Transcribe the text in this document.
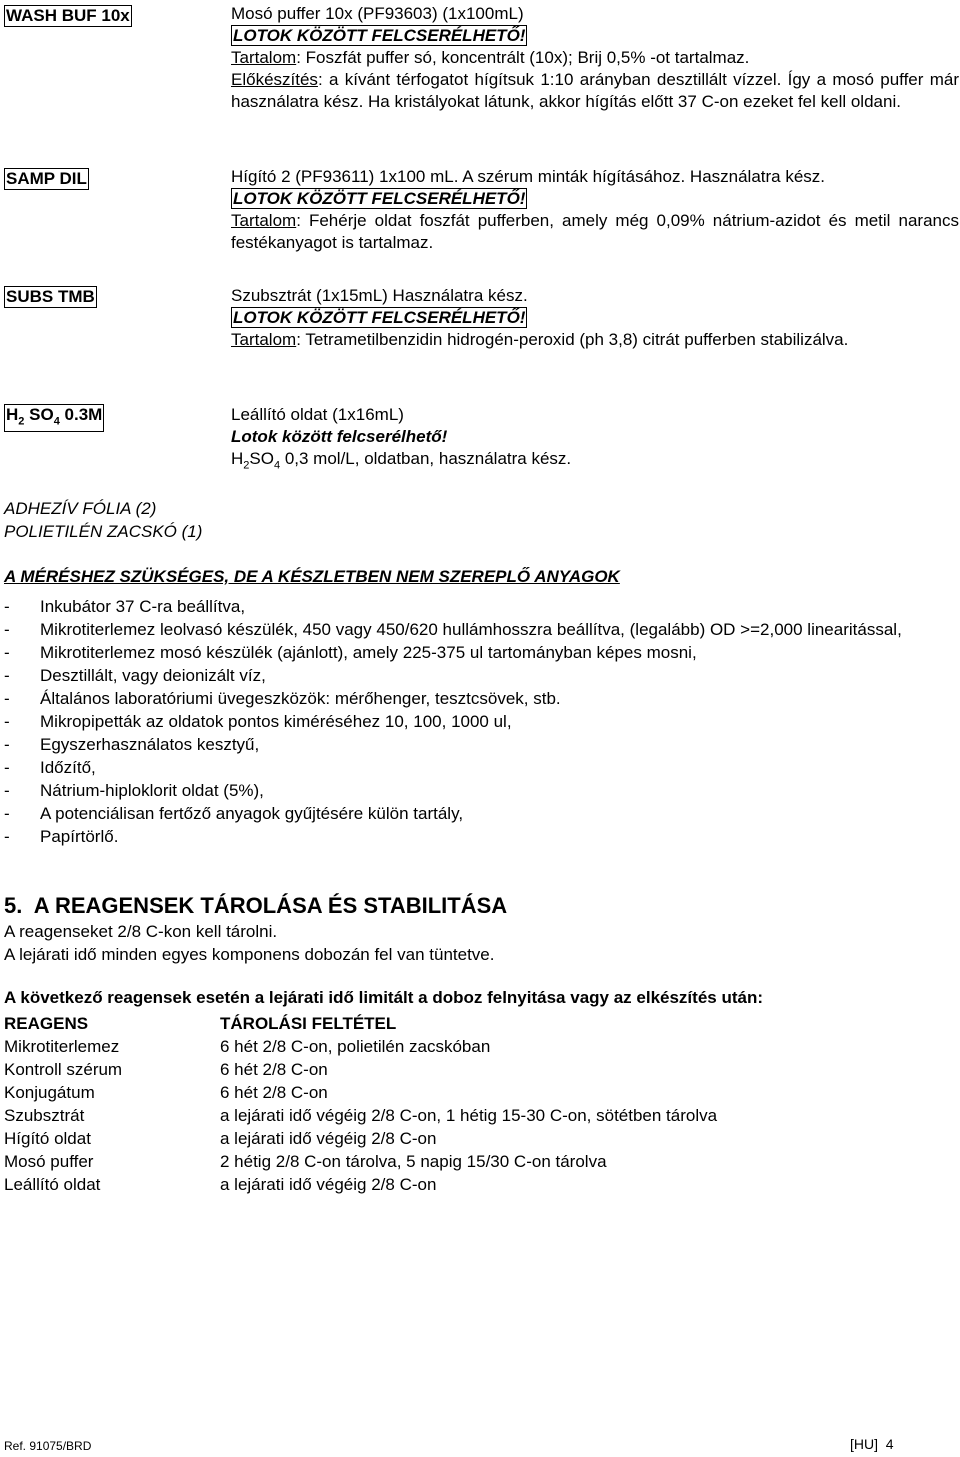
WASH BUF 10x	Mosó puffer 10x (PF93603) (1x100mL)

LOTOK KÖZÖTT FELCSERÉLHETŐ!

Tartalom: Foszfát puffer só, koncentrált (10x); Brij 0,5% -ot tartalmaz.

Előkészítés: a kívánt térfogatot hígítsuk 1:10 arányban desztillált vízzel. Így a mosó puffer már használatra kész. Ha kristályokat látunk, akkor hígítás előtt 37 C-on ezeket fel kell oldani.

SAMP DIL	Hígító 2 (PF93611) 1x100 mL. A szérum minták hígításához. Használatra kész.

LOTOK KÖZÖTT FELCSERÉLHETŐ!

Tartalom: Fehérje oldat foszfát pufferben, amely még 0,09% nátrium-azidot és metil narancs festékanyagot is tartalmaz.

SUBS TMB	Szubsztrát (1x15mL) Használatra kész.

LOTOK KÖZÖTT FELCSERÉLHETŐ!

Tartalom: Tetrametilbenzidin hidrogén-peroxid (ph 3,8) citrát pufferben stabilizálva.

$H_2$ $SO_4$ 0.3M	Leállító oldat (1x16mL)

Lotok között felcserélhető!

$H_2SO_4$ 0,3 mol/L, oldatban, használatra kész.

ADHEZÍV FÓLIA (2)
POLIETILÉN ZACSKÓ (1)
A MÉRÉSHEZ SZÜKSÉGES, DE A KÉSZLETBEN NEM SZEREPLŐ ANYAGOK
-	Inkubátor 37 C-ra beállítva,
-	Mikrotiterlemez leolvasó készülék, 450 vagy 450/620 hullámhosszra beállítva, (legalább) OD >=2,000 linearitással,
-	Mikrotiterlemez mosó készülék (ajánlott), amely 225-375 ul tartományban képes mosni,
-	Desztillált, vagy deionizált víz,
-	Általános laboratóriumi üvegeszközök: mérőhenger, tesztcsövek, stb.
-	Mikropipetták az oldatok pontos kiméréséhez 10, 100, 1000 ul,
-	Egyszerhasználatos kesztyű,
-	Időzítő,
-	Nátrium-hiploklorit oldat (5%),
-	A potenciálisan fertőző anyagok gyűjtésére külön tartály,
-	Papírtörlő.
5.  A REAGENSEK TÁROLÁSA ÉS STABILITÁSA
A reagenseket 2/8 C-kon kell tárolni.
A lejárati idő minden egyes komponens dobozán fel van tüntetve.
A következő reagensek esetén a lejárati idő limitált a doboz felnyitása vagy az elkészítés után:
REAGENS	TÁROLÁSI FELTÉTEL
Mikrotiterlemez	6 hét 2/8 C-on, polietilén zacskóban
Kontroll szérum	6 hét 2/8 C-on
Konjugátum	6 hét 2/8 C-on
Szubsztrát	a lejárati idő végéig 2/8 C-on, 1 hétig 15-30 C-on, sötétben tárolva
Hígító oldat	a lejárati idő végéig 2/8 C-on
Mosó puffer	2 hétig 2/8 C-on tárolva, 5 napig 15/30 C-on tárolva
Leállító oldat	a lejárati idő végéig 2/8 C-on
Ref. 91075/BRD	[HU]  4
